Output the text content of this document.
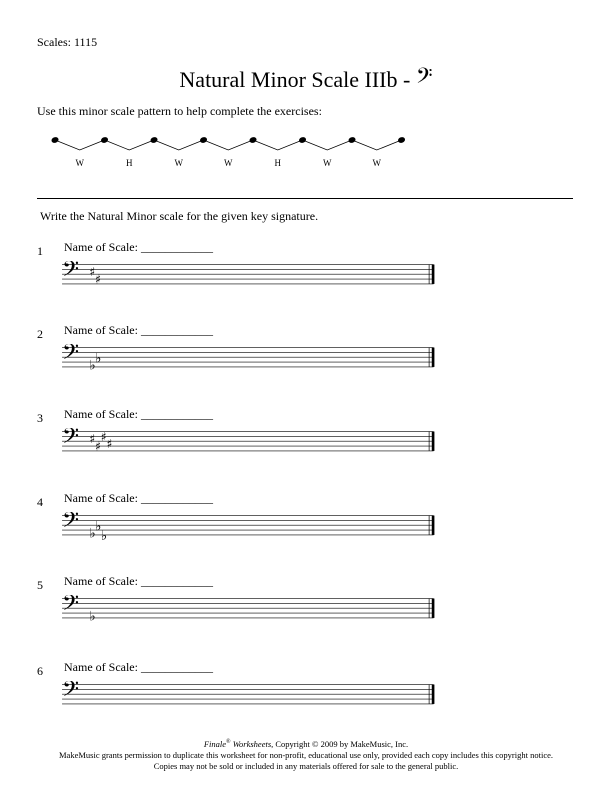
Scales: 1115
Natural Minor Scale IIIb - 𝄢
Use this minor scale pattern to help complete the exercises:
W	H	W	W	H	W	W
Write the Natural Minor scale for the given key signature.
1 Name of Scale: ____________
𝄢 ♯
♯
2 Name of Scale: ____________
𝄢 ♭ ♭
3 Name of Scale: ____________
𝄢 ♯
♯
♯
♯
4 Name of Scale: ____________
𝄢 ♭ ♭
♭
5 Name of Scale: ____________
𝄢 ♭
6 Name of Scale: ____________
𝄢
Finale® Worksheets, Copyright © 2009 by MakeMusic, Inc.
MakeMusic grants permission to duplicate this worksheet for non-profit, educational use only, provided each copy includes this copyright notice.
Copies may not be sold or included in any materials offered for sale to the general public.
